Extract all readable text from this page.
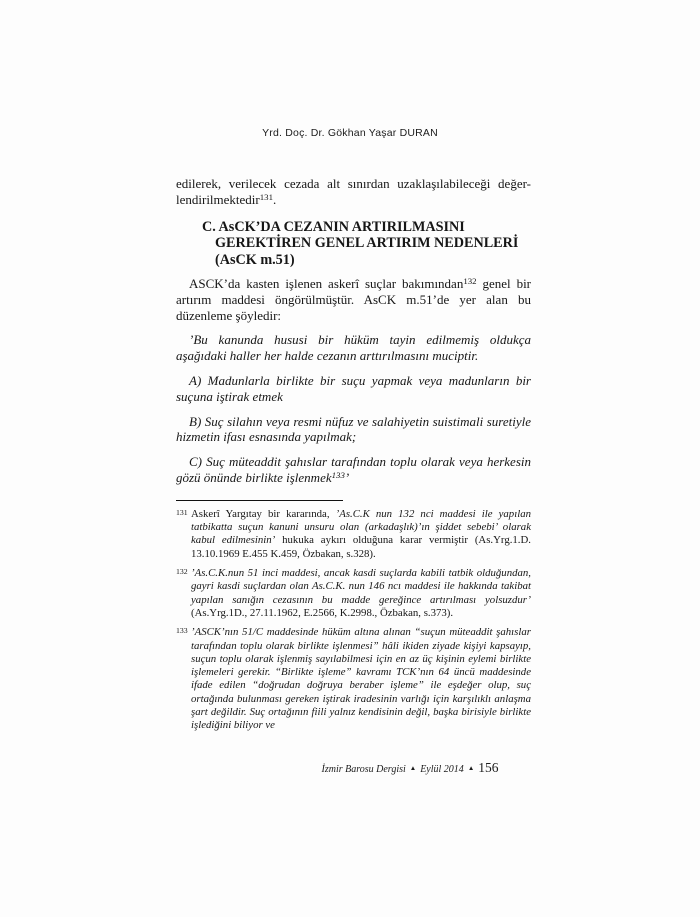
Yrd. Doç. Dr. Gökhan Yaşar DURAN
edilerek, verilecek cezada alt sınırdan uzaklaşılabileceği değer-lendirilmektedir$^{131}$.
C. AsCK’DA CEZANIN ARTIRILMASINI
GEREKTİREN GENEL ARTIRIM NEDENLERİ
(AsCK m.51)
ASCK’da kasten işlenen askerî suçlar bakımından$^{132}$ genel bir artırım maddesi öngörülmüştür. AsCK m.51’de yer alan bu düzenleme şöyledir:
’Bu kanunda hususi bir hüküm tayin edilmemiş oldukça aşağıdaki haller her halde cezanın arttırılmasını muciptir.
A) Madunlarla birlikte bir suçu yapmak veya madunların bir suçuna iştirak etmek
B) Suç silahın veya resmi nüfuz ve salahiyetin suistimali suretiyle hizmetin ifası esnasında yapılmak;
C) Suç müteaddit şahıslar tarafından toplu olarak veya herkesin gözü önünde birlikte işlenmek$^{133}$’
131 Askerî Yargıtay bir kararında, ’As.C.K nun 132 nci maddesi ile yapılan tatbikatta suçun kanuni unsuru olan (arkadaşlık)’ın şiddet sebebi’ olarak kabul edilmesinin’ hukuka aykırı olduğuna karar vermiştir (As.Yrg.1.D. 13.10.1969 E.455 K.459, Özbakan, s.328).
132 ’As.C.K.nun 51 inci maddesi, ancak kasdi suçlarda kabili tatbik olduğundan, gayri kasdi suçlardan olan As.C.K. nun 146 ncı maddesi ile hakkında takibat yapılan sanığın cezasının bu madde gereğince artırılması yolsuzdur’ (As.Yrg.1D., 27.11.1962, E.2566, K.2998., Özbakan, s.373).
133 ’ASCK’nın 51/C maddesinde hüküm altına alınan “suçun müteaddit şahıslar tarafından toplu olarak birlikte işlenmesi” hâli ikiden ziyade kişiyi kapsayıp, suçun toplu olarak işlenmiş sayılabilmesi için en az üç kişinin eylemi birlikte işlemeleri gerekir. “Birlikte işleme” kavramı TCK’nın 64 üncü maddesinde ifade edilen “doğrudan doğruya beraber işleme” ile eşdeğer olup, suç ortağında bulunması gereken iştirak iradesinin varlığı için karşılıklı anlaşma şart değildir. Suç ortağının fiili yalnız kendisinin değil, başka birisiyle birlikte işlediğini biliyor ve
İzmir Barosu Dergisi ▲ Eylül 2014 ▲ 156
